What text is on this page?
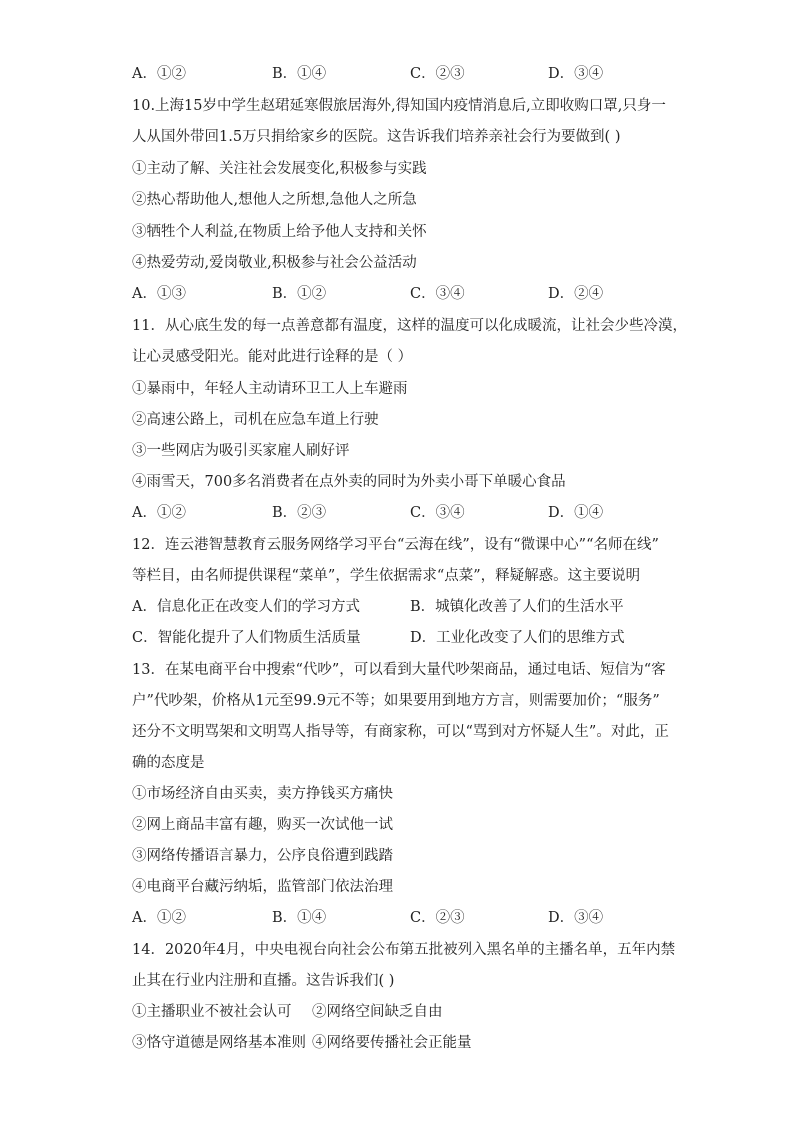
A．①②	B．①④	C．②③	D．③④
10.上海15岁中学生赵珺延寒假旅居海外,得知国内疫情消息后,立即收购口罩,只身一
人从国外带回1.5万只捐给家乡的医院。这告诉我们培养亲社会行为要做到( )
①主动了解、关注社会发展变化,积极参与实践
②热心帮助他人,想他人之所想,急他人之所急
③牺牲个人利益,在物质上给予他人支持和关怀
④热爱劳动,爱岗敬业,积极参与社会公益活动
A．①③	B．①②	C．③④	D．②④
11．从心底生发的每一点善意都有温度，这样的温度可以化成暖流，让社会少些冷漠，
让心灵感受阳光。能对此进行诠释的是（ ）
①暴雨中，年轻人主动请环卫工人上车避雨
②高速公路上，司机在应急车道上行驶
③一些网店为吸引买家雇人刷好评
④雨雪天，700多名消费者在点外卖的同时为外卖小哥下单暖心食品
A．①②	B．②③	C．③④	D．①④
12．连云港智慧教育云服务网络学习平台“云海在线”，设有“微课中心”“名师在线”
等栏目，由名师提供课程“菜单”，学生依据需求“点菜”，释疑解惑。这主要说明
A．信息化正在改变人们的学习方式	B．城镇化改善了人们的生活水平
C．智能化提升了人们物质生活质量	D．工业化改变了人们的思维方式
13．在某电商平台中搜索“代吵”，可以看到大量代吵架商品，通过电话、短信为“客
户”代吵架，价格从1元至99.9元不等；如果要用到地方方言，则需要加价；“服务”
还分不文明骂架和文明骂人指导等，有商家称，可以“骂到对方怀疑人生”。对此，正
确的态度是
①市场经济自由买卖，卖方挣钱买方痛快
②网上商品丰富有趣，购买一次试他一试
③网络传播语言暴力，公序良俗遭到践踏
④电商平台藏污纳垢，监管部门依法治理
A．①②	B．①④	C．②③	D．③④
14．2020年4月，中央电视台向社会公布第五批被列入黑名单的主播名单，五年内禁
止其在行业内注册和直播。这告诉我们( )
①主播职业不被社会认可 ②网络空间缺乏自由
③恪守道德是网络基本准则 ④网络要传播社会正能量
